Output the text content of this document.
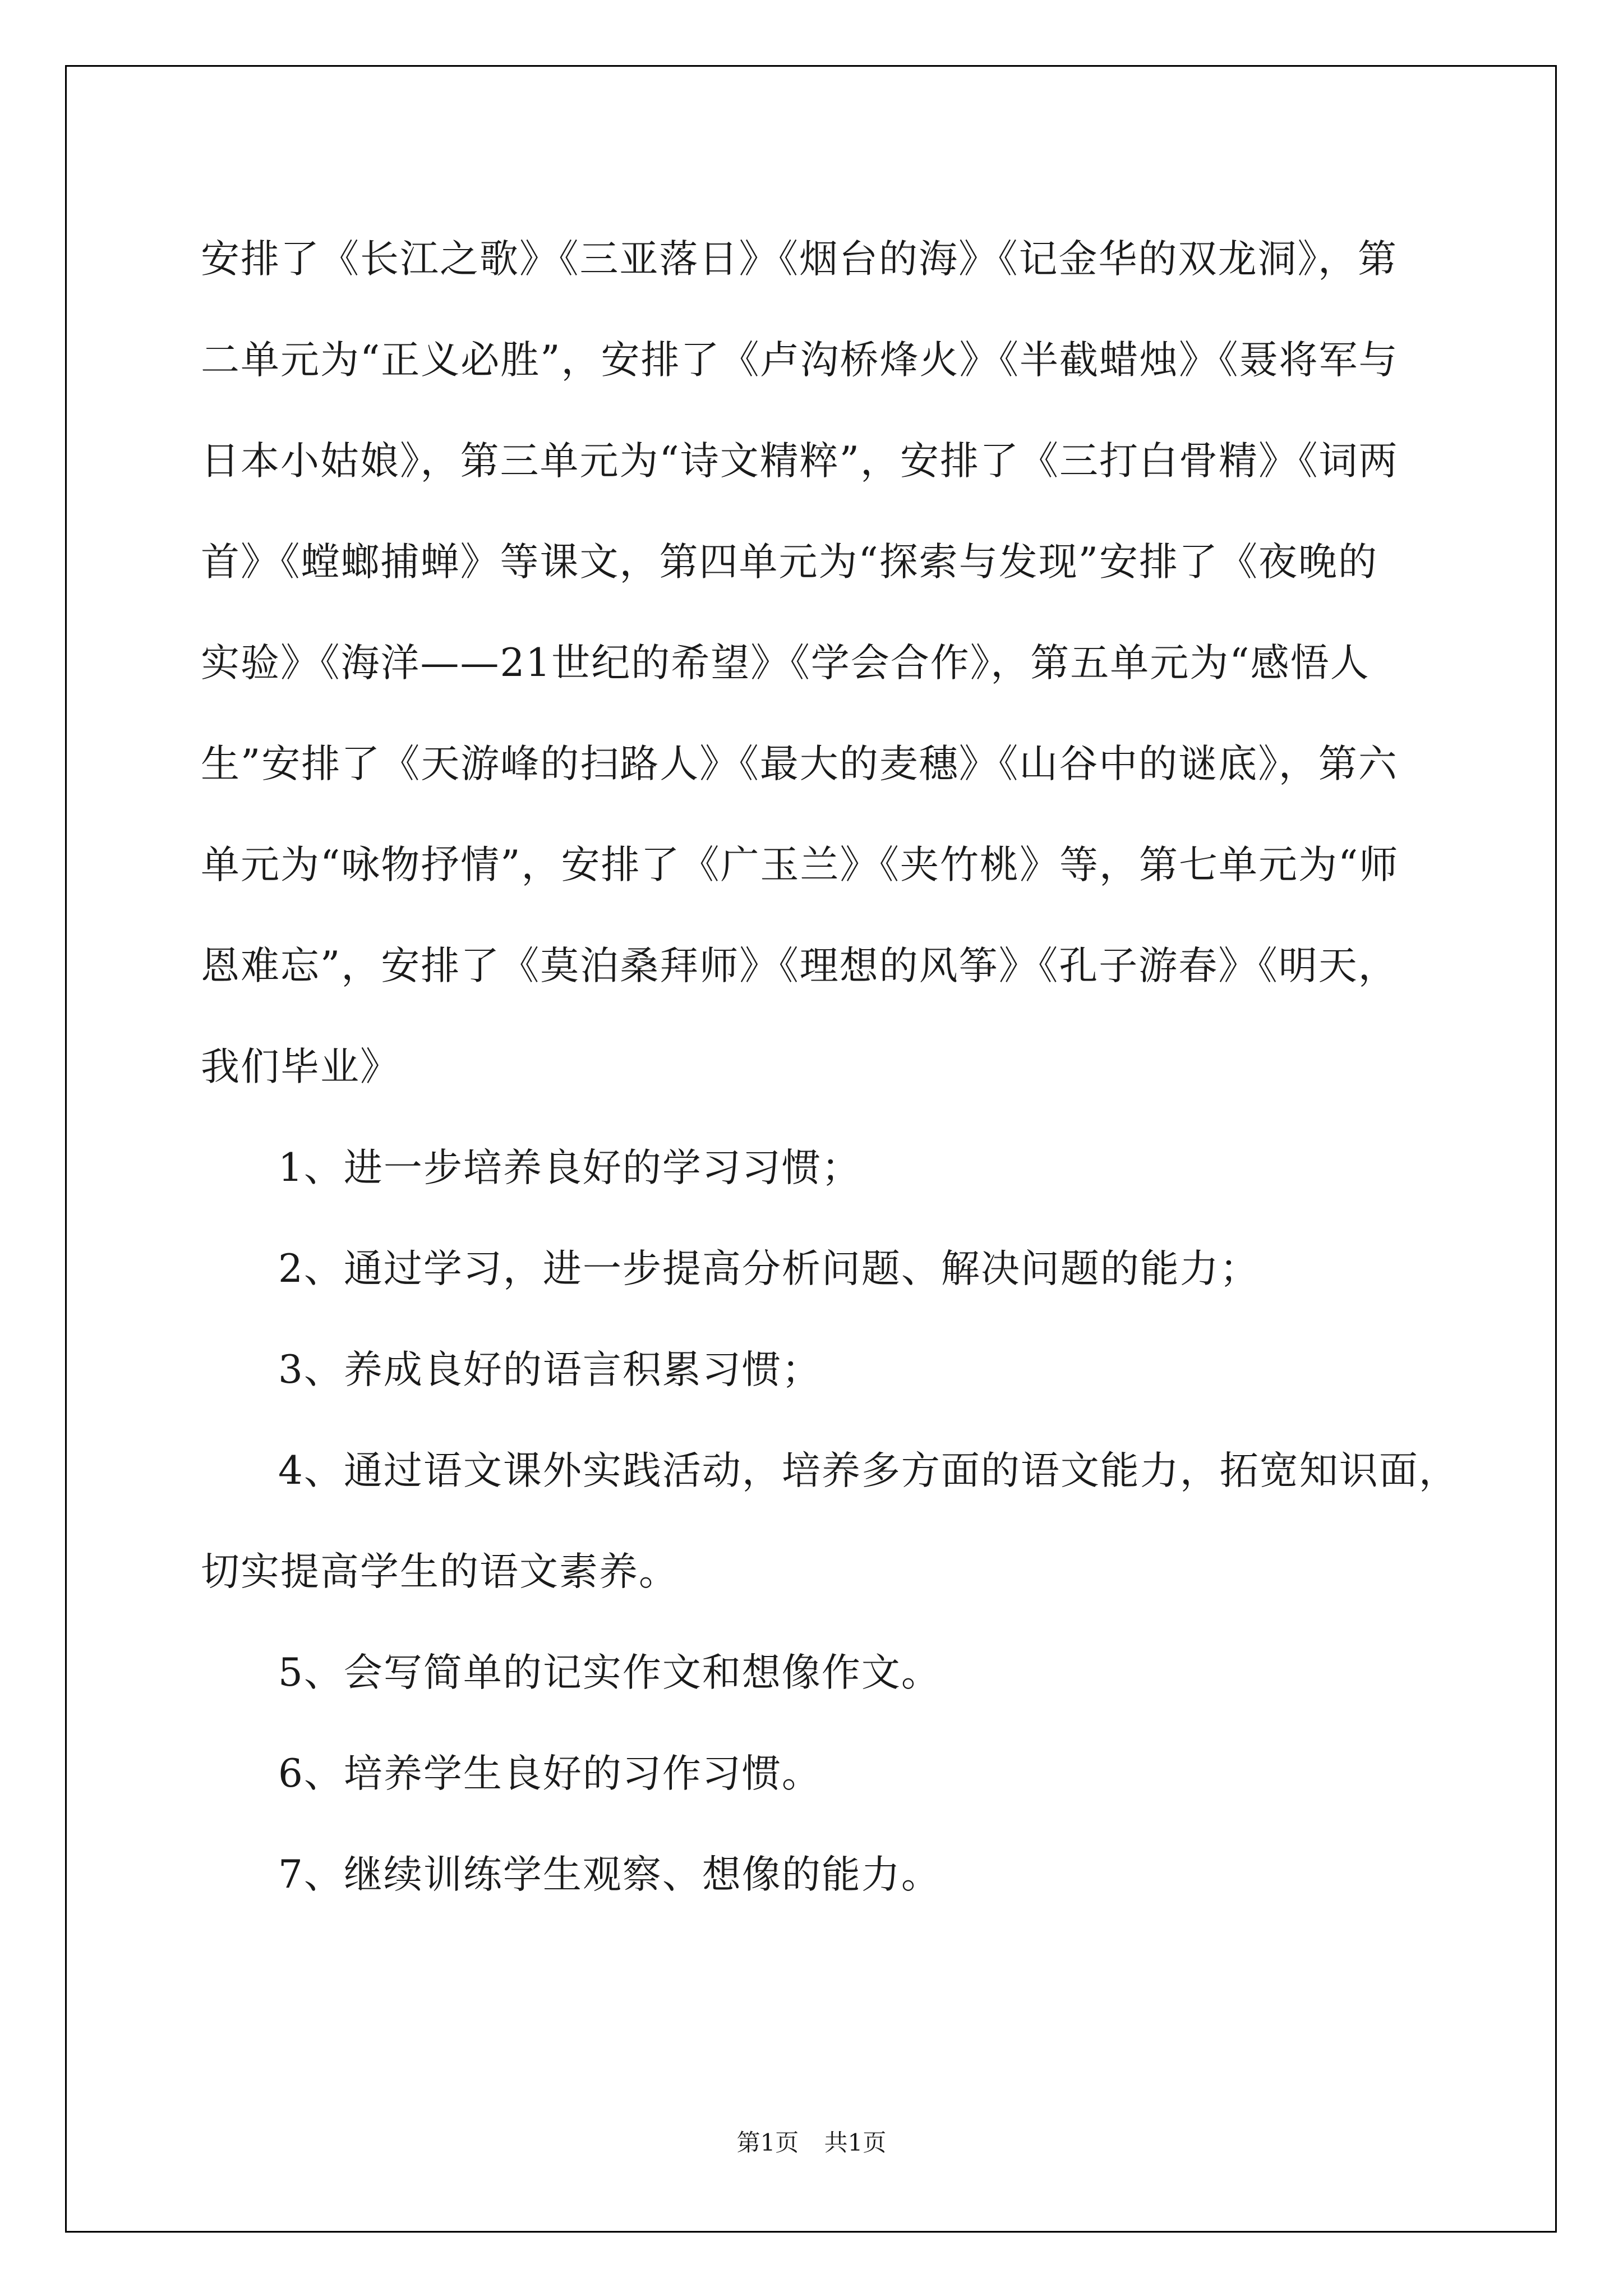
安排了《长江之歌》《三亚落日》《烟台的海》《记金华的双龙洞》，第
二单元为“正义必胜”，安排了《卢沟桥烽火》《半截蜡烛》《聂将军与
日本小姑娘》，第三单元为“诗文精粹”，安排了《三打白骨精》《词两
首》《螳螂捕蝉》等课文，第四单元为“探索与发现”安排了《夜晚的
实验》《海洋——21世纪的希望》《学会合作》，第五单元为“感悟人
生”安排了《天游峰的扫路人》《最大的麦穗》《山谷中的谜底》，第六
单元为“咏物抒情”，安排了《广玉兰》《夹竹桃》等，第七单元为“师
恩难忘”，安排了《莫泊桑拜师》《理想的风筝》《孔子游春》《明天，
我们毕业》
1、进一步培养良好的学习习惯；
2、通过学习，进一步提高分析问题、解决问题的能力；
3、养成良好的语言积累习惯；
4、通过语文课外实践活动，培养多方面的语文能力，拓宽知识面，
切实提高学生的语文素养。
5、会写简单的记实作文和想像作文。
6、培养学生良好的习作习惯。
7、继续训练学生观察、想像的能力。
第1页 共1页
